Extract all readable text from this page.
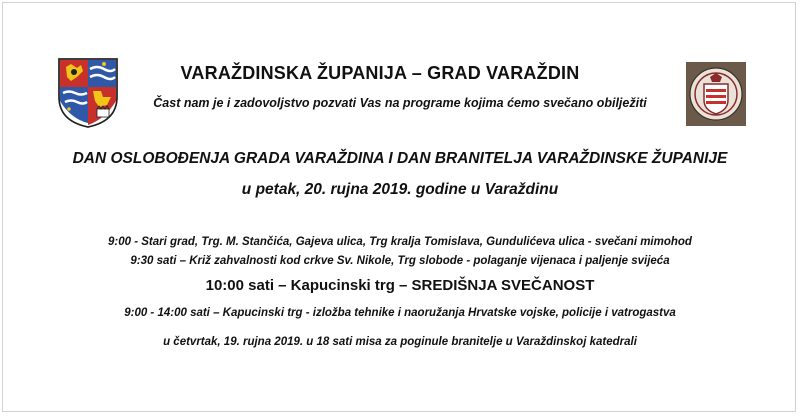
VARAŽDINSKA ŽUPANIJA – GRAD VARAŽDIN
Čast nam je i zadovoljstvo pozvati Vas na programe kojima ćemo svečano obilježiti
DAN OSLOBOĐENJA GRADA VARAŽDINA I DAN BRANITELJA VARAŽDINSKE ŽUPANIJE
u petak, 20. rujna 2019. godine u Varaždinu
9:00 - Stari grad, Trg. M. Stančića, Gajeva ulica, Trg kralja Tomislava, Gundulićeva ulica - svečani mimohod
9:30 sati – Križ zahvalnosti kod crkve Sv. Nikole, Trg slobode - polaganje vijenaca i paljenje svijeća
10:00 sati – Kapucinski trg – SREDIŠNJA SVEČANOST
9:00 - 14:00 sati – Kapucinski trg - izložba tehnike i naoružanja Hrvatske vojske, policije i vatrogastva
u četvrtak, 19. rujna 2019. u 18 sati misa za poginule branitelje u Varaždinskoj katedrali
